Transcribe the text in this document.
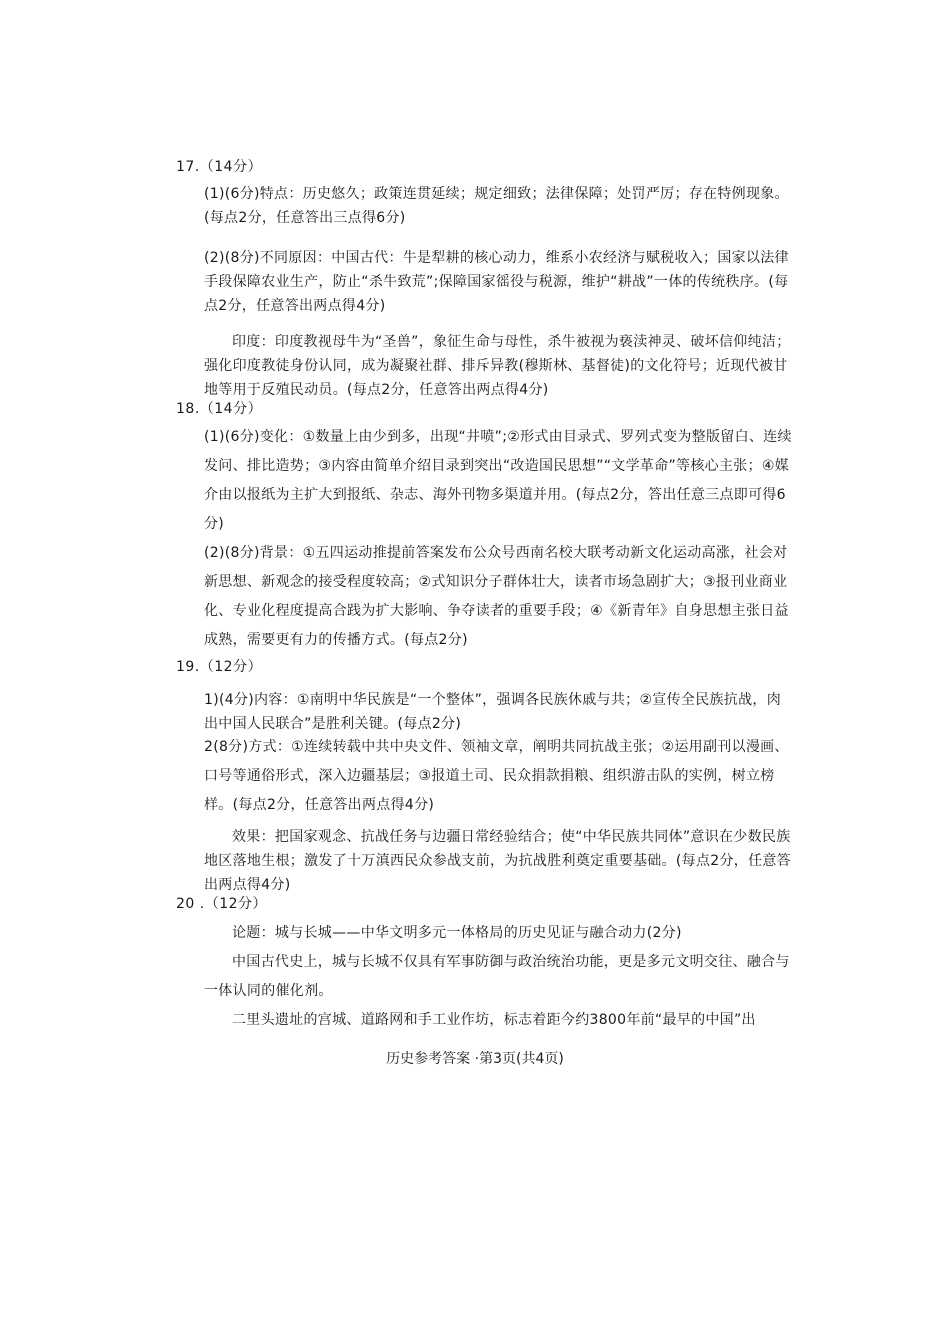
17.（14分）
(1)(6分)特点：历史悠久；政策连贯延续；规定细致；法律保障；处罚严厉；存在特例现象。(每点2分，任意答出三点得6分)
(2)(8分)不同原因：中国古代：牛是犁耕的核心动力，维系小农经济与赋税收入；国家以法律手段保障农业生产，防止“杀牛致荒”;保障国家徭役与税源，维护“耕战”一体的传统秩序。(每点2分，任意答出两点得4分)
印度：印度教视母牛为“圣兽”，象征生命与母性，杀牛被视为亵渎神灵、破坏信仰纯洁；强化印度教徒身份认同，成为凝聚社群、排斥异教(穆斯林、基督徒)的文化符号；近现代被甘地等用于反殖民动员。(每点2分，任意答出两点得4分)
18.（14分）
(1)(6分)变化：①数量上由少到多，出现“井喷”;②形式由目录式、罗列式变为整版留白、连续发问、排比造势；③内容由简单介绍目录到突出“改造国民思想”“文学革命”等核心主张；④媒介由以报纸为主扩大到报纸、杂志、海外刊物多渠道并用。(每点2分，答出任意三点即可得6分)
(2)(8分)背景：①五四运动推提前答案发布公众号西南名校大联考动新文化运动高涨，社会对新思想、新观念的接受程度较高；②式知识分子群体壮大，读者市场急剧扩大；③报刊业商业化、专业化程度提高合践为扩大影响、争夺读者的重要手段；④《新青年》自身思想主张日益成熟，需要更有力的传播方式。(每点2分)
19.（12分）
1)(4分)内容：①南明中华民族是“一个整体”，强调各民族休戚与共；②宣传全民族抗战，肉出中国人民联合”是胜利关键。(每点2分)
2(8分)方式：①连续转载中共中央文件、领袖文章，阐明共同抗战主张；②运用副刊以漫画、口号等通俗形式，深入边疆基层；③报道土司、民众捐款捐粮、组织游击队的实例，树立榜样。(每点2分，任意答出两点得4分)
效果：把国家观念、抗战任务与边疆日常经验结合；使“中华民族共同体”意识在少数民族地区落地生根；激发了十万滇西民众参战支前，为抗战胜利奠定重要基础。(每点2分，任意答出两点得4分)
20 .（12分）
论题：城与长城——中华文明多元一体格局的历史见证与融合动力(2分)
中国古代史上，城与长城不仅具有军事防御与政治统治功能，更是多元文明交往、融合与一体认同的催化剂。
二里头遗址的宫城、道路网和手工业作坊，标志着距今约3800年前“最早的中国”出
历史参考答案 ·第3页(共4页)
